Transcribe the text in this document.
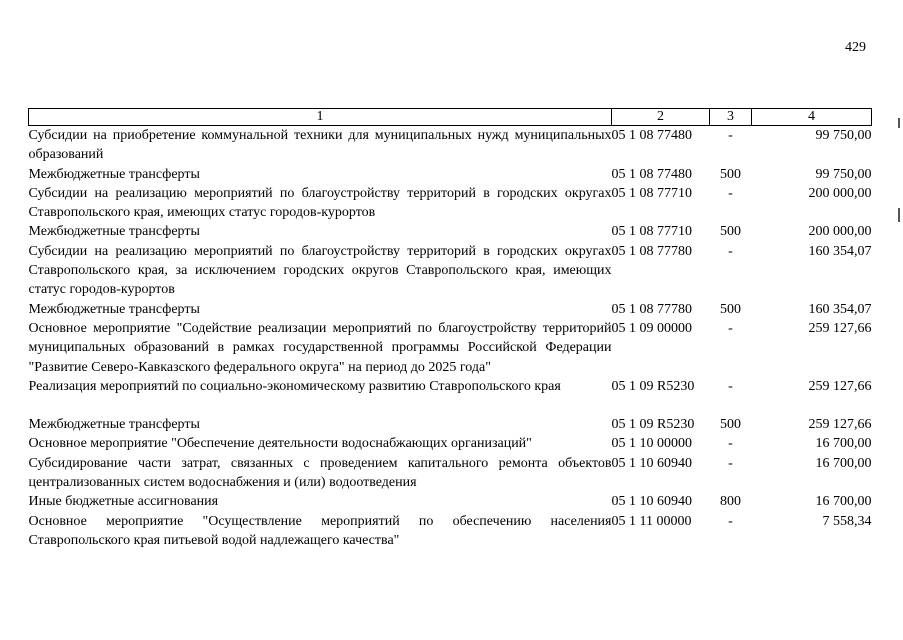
429
1	2	3	4
Субсидии на приобретение коммунальной техники для муниципальных нужд муниципальных образований	05 1 08 77480	-	99 750,00
Межбюджетные трансферты	05 1 08 77480	500	99 750,00
Субсидии на реализацию мероприятий по благоустройству территорий в городских округах Ставропольского края, имеющих статус городов-курортов	05 1 08 77710	-	200 000,00
Межбюджетные трансферты	05 1 08 77710	500	200 000,00
Субсидии на реализацию мероприятий по благоустройству территорий в городских округах Ставропольского края, за исключением городских округов Ставропольского края, имеющих статус городов-курортов	05 1 08 77780	-	160 354,07
Межбюджетные трансферты	05 1 08 77780	500	160 354,07
Основное мероприятие "Содействие реализации мероприятий по благоустройству территорий муниципальных образований в рамках государственной программы Российской Федерации "Развитие Северо-Кавказского федерального округа" на период до 2025 года"	05 1 09 00000	-	259 127,66
Реализация мероприятий по социально-экономическому развитию Ставропольского края	05 1 09 R5230	-	259 127,66

Межбюджетные трансферты	05 1 09 R5230	500	259 127,66
Основное мероприятие "Обеспечение деятельности водоснабжающих организаций"	05 1 10 00000	-	16 700,00
Субсидирование части затрат, связанных с проведением капитального ремонта объектов централизованных систем водоснабжения и (или) водоотведения	05 1 10 60940	-	16 700,00
Иные бюджетные ассигнования	05 1 10 60940	800	16 700,00
Основное мероприятие "Осуществление мероприятий по обеспечению населения Ставропольского края питьевой водой надлежащего качества"	05 1 11 00000	-	7 558,34
